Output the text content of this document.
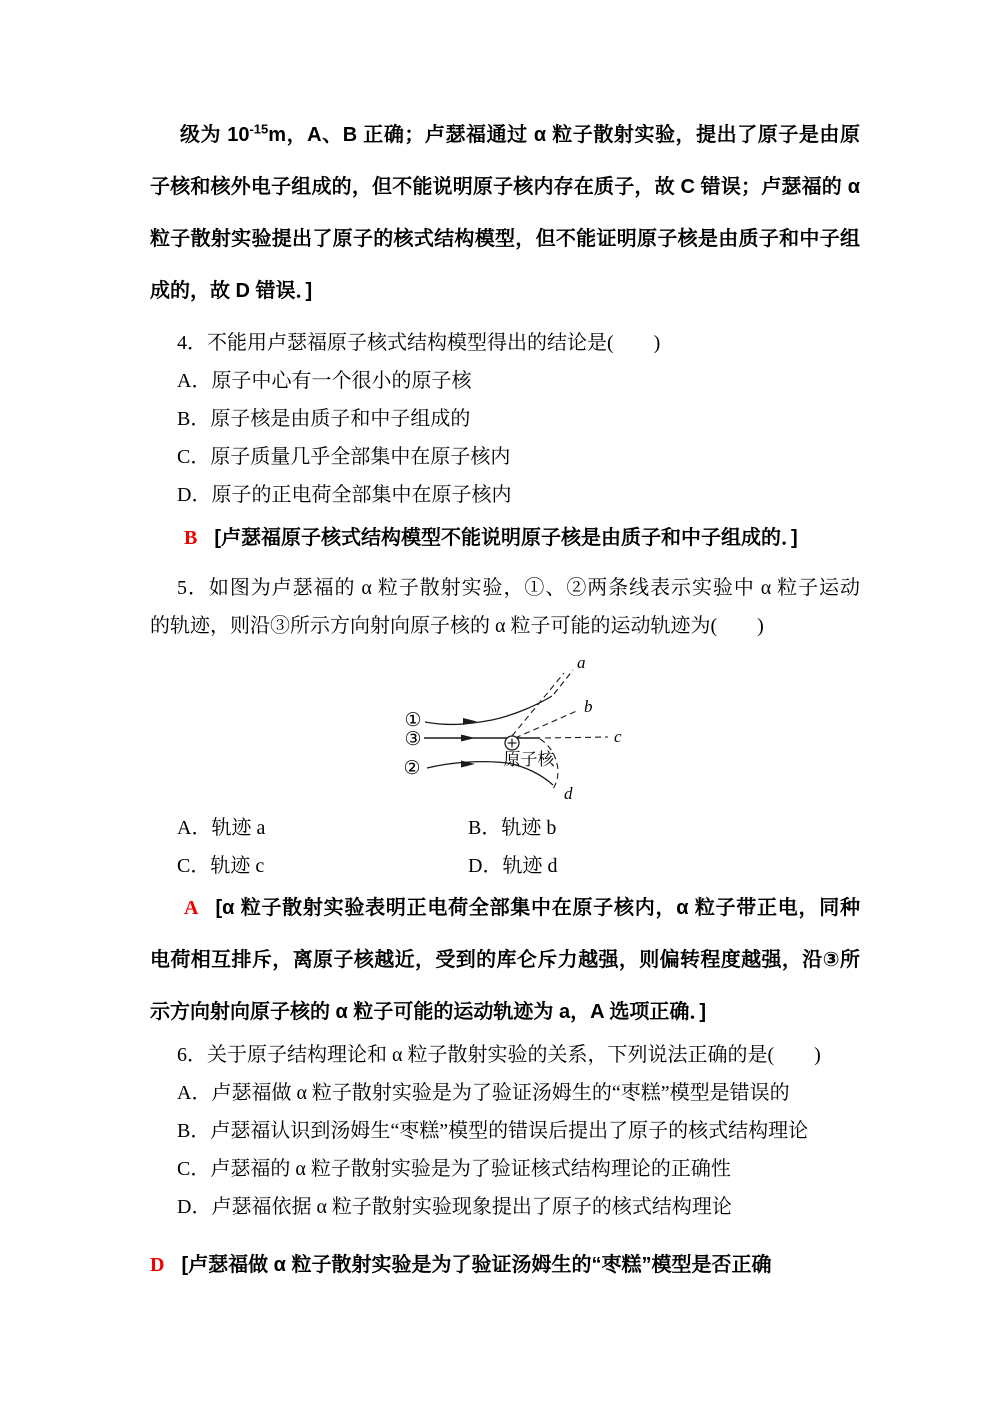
级为 $10^{-15}m$，A、B 正确；卢瑟福通过 α 粒子散射实验，提出了原子是由原
子核和核外电子组成的，但不能说明原子核内存在质子，故 C 错误；卢瑟福的 α
粒子散射实验提出了原子的核式结构模型，但不能证明原子核是由质子和中子组
成的，故 D 错误．]
4．不能用卢瑟福原子核式结构模型得出的结论是(　　)
A．原子中心有一个很小的原子核
B．原子核是由质子和中子组成的
C．原子质量几乎全部集中在原子核内
D．原子的正电荷全部集中在原子核内
B [卢瑟福原子核式结构模型不能说明原子核是由质子和中子组成的．]
5．如图为卢瑟福的 α 粒子散射实验，①、②两条线表示实验中 α 粒子运动
的轨迹，则沿③所示方向射向原子核的 α 粒子可能的运动轨迹为(　　)
①
③
②	原子核
a
b
c
d
A．轨迹 a	B．轨迹 b
C．轨迹 c	D．轨迹 d
A [α 粒子散射实验表明正电荷全部集中在原子核内，α 粒子带正电，同种
电荷相互排斥，离原子核越近，受到的库仑斥力越强，则偏转程度越强，沿③所
示方向射向原子核的 α 粒子可能的运动轨迹为 a，A 选项正确．]
6．关于原子结构理论和 α 粒子散射实验的关系，下列说法正确的是(　　)
A．卢瑟福做 α 粒子散射实验是为了验证汤姆生的“枣糕”模型是错误的
B．卢瑟福认识到汤姆生“枣糕”模型的错误后提出了原子的核式结构理论
C．卢瑟福的 α 粒子散射实验是为了验证核式结构理论的正确性
D．卢瑟福依据 α 粒子散射实验现象提出了原子的核式结构理论
D [卢瑟福做 α 粒子散射实验是为了验证汤姆生的“枣糕”模型是否正确
